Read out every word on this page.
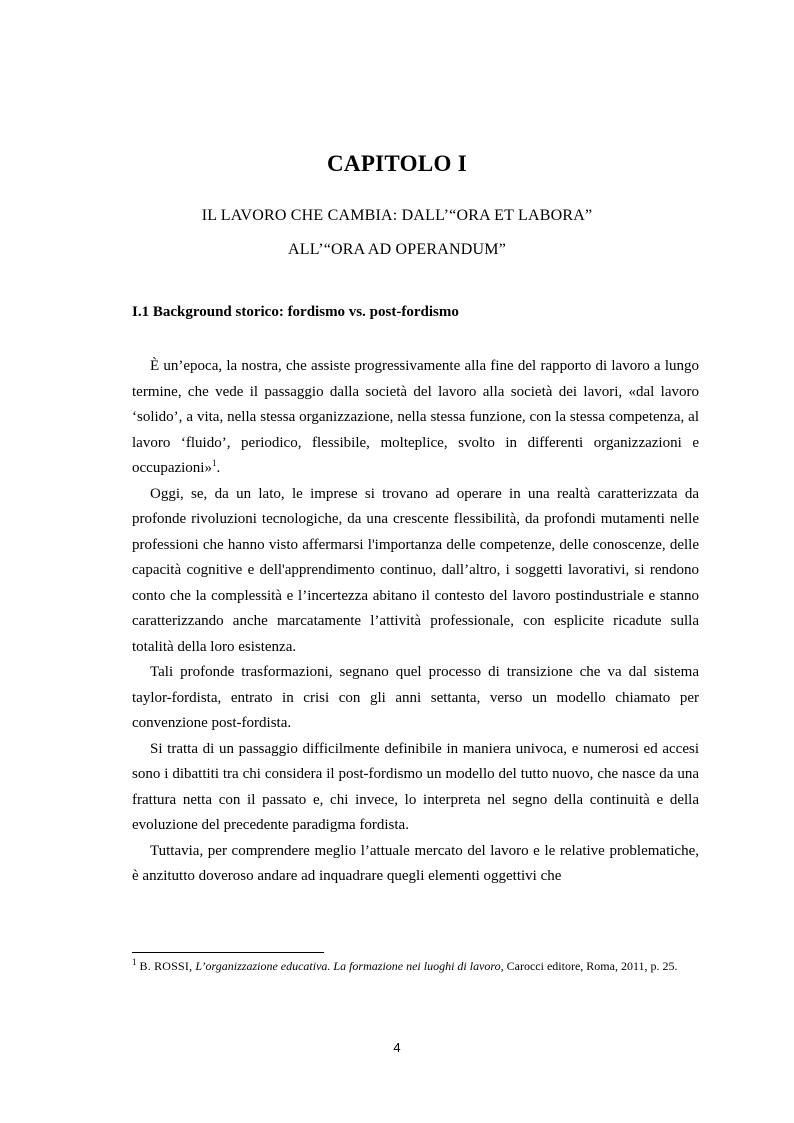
CAPITOLO I
IL LAVORO CHE CAMBIA: DALL’“ORA ET LABORA”
ALL’“ORA AD OPERANDUM”
I.1 Background storico: fordismo vs. post-fordismo

È un’epoca, la nostra, che assiste progressivamente alla fine del rapporto di lavoro a lungo termine, che vede il passaggio dalla società del lavoro alla società dei lavori, «dal lavoro ‘solido’, a vita, nella stessa organizzazione, nella stessa funzione, con la stessa competenza, al lavoro ‘fluido’, periodico, flessibile, molteplice, svolto in differenti organizzazioni e occupazioni»$^1$.

Oggi, se, da un lato, le imprese si trovano ad operare in una realtà caratterizzata da profonde rivoluzioni tecnologiche, da una crescente flessibilità, da profondi mutamenti nelle professioni che hanno visto affermarsi l'importanza delle competenze, delle conoscenze, delle capacità cognitive e dell'apprendimento continuo, dall’altro, i soggetti lavorativi, si rendono conto che la complessità e l’incertezza abitano il contesto del lavoro postindustriale e stanno caratterizzando anche marcatamente l’attività professionale, con esplicite ricadute sulla totalità della loro esistenza.

Tali profonde trasformazioni, segnano quel processo di transizione che va dal sistema taylor-fordista, entrato in crisi con gli anni settanta, verso un modello chiamato per convenzione post-fordista.

Si tratta di un passaggio difficilmente definibile in maniera univoca, e numerosi ed accesi sono i dibattiti tra chi considera il post-fordismo un modello del tutto nuovo, che nasce da una frattura netta con il passato e, chi invece, lo interpreta nel segno della continuità e della evoluzione del precedente paradigma fordista.

Tuttavia, per comprendere meglio l’attuale mercato del lavoro e le relative problematiche, è anzitutto doveroso andare ad inquadrare quegli elementi oggettivi che

$^1$ B. ROSSI, L’organizzazione educativa. La formazione nei luoghi di lavoro, Carocci editore, Roma, 2011, p. 25.
4
